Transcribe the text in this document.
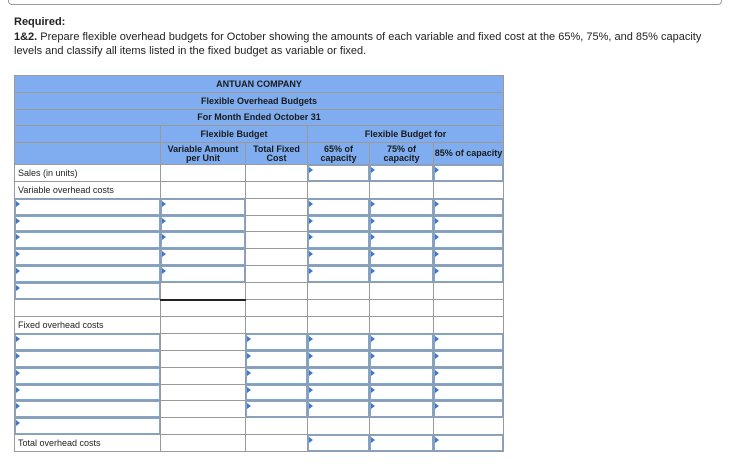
Required:
1&2. Prepare flexible overhead budgets for October showing the amounts of each variable and fixed cost at the 65%, 75%, and 85% capacity levels and classify all items listed in the fixed budget as variable or fixed.
ANTUAN COMPANY					
Flexible Overhead Budgets					
For Month Ended October 31					
	Flexible Budget		Flexible Budget for		
	Variable Amount per Unit	Total Fixed Cost	65% of capacity	75% of capacity	85% of capacity
Sales (in units)			

Variable overhead costs					

Fixed overhead costs					

Total overhead costs			
